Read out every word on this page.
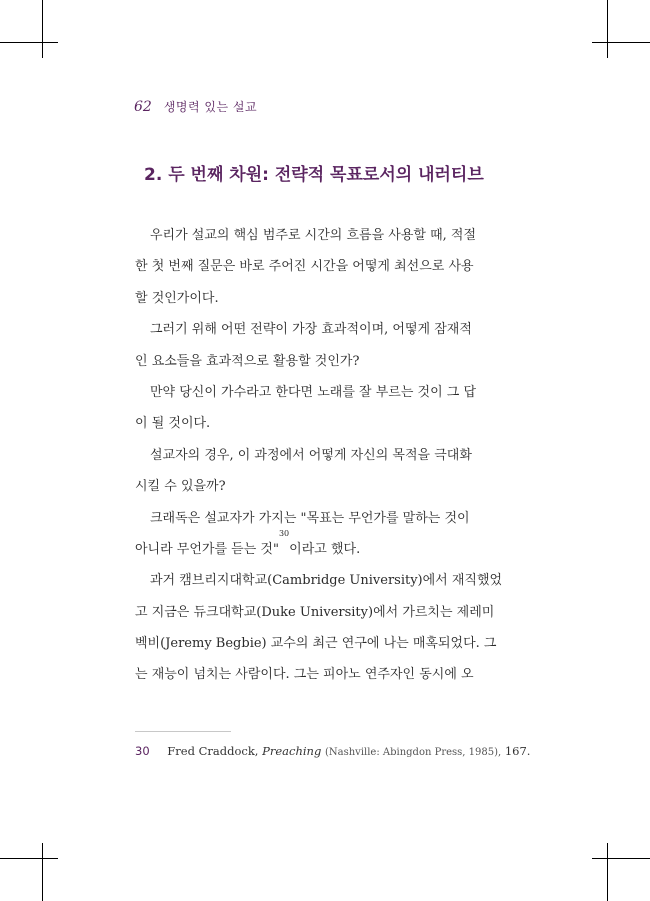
62 생명력 있는 설교
2. 두 번째 차원: 전략적 목표로서의 내러티브
우리가 설교의 핵심 범주로 시간의 흐름을 사용할 때, 적절
한 첫 번째 질문은 바로 주어진 시간을 어떻게 최선으로 사용
할 것인가이다.
그러기 위해 어떤 전략이 가장 효과적이며, 어떻게 잠재적
인 요소들을 효과적으로 활용할 것인가?
만약 당신이 가수라고 한다면 노래를 잘 부르는 것이 그 답
이 될 것이다.
설교자의 경우, 이 과정에서 어떻게 자신의 목적을 극대화
시킬 수 있을까?
크래독은 설교자가 가지는 "목표는 무언가를 말하는 것이
아니라 무언가를 듣는 것"
30
이라고 했다.
과거 캠브리지대학교(Cambridge University)에서 재직했었
고 지금은 듀크대학교(Duke University)에서 가르치는 제레미
벡비(Jeremy Begbie) 교수의 최근 연구에 나는 매혹되었다. 그
는 재능이 넘치는 사람이다. 그는 피아노 연주자인 동시에 오
30 Fred Craddock, Preaching (Nashville: Abingdon Press, 1985), 167.
